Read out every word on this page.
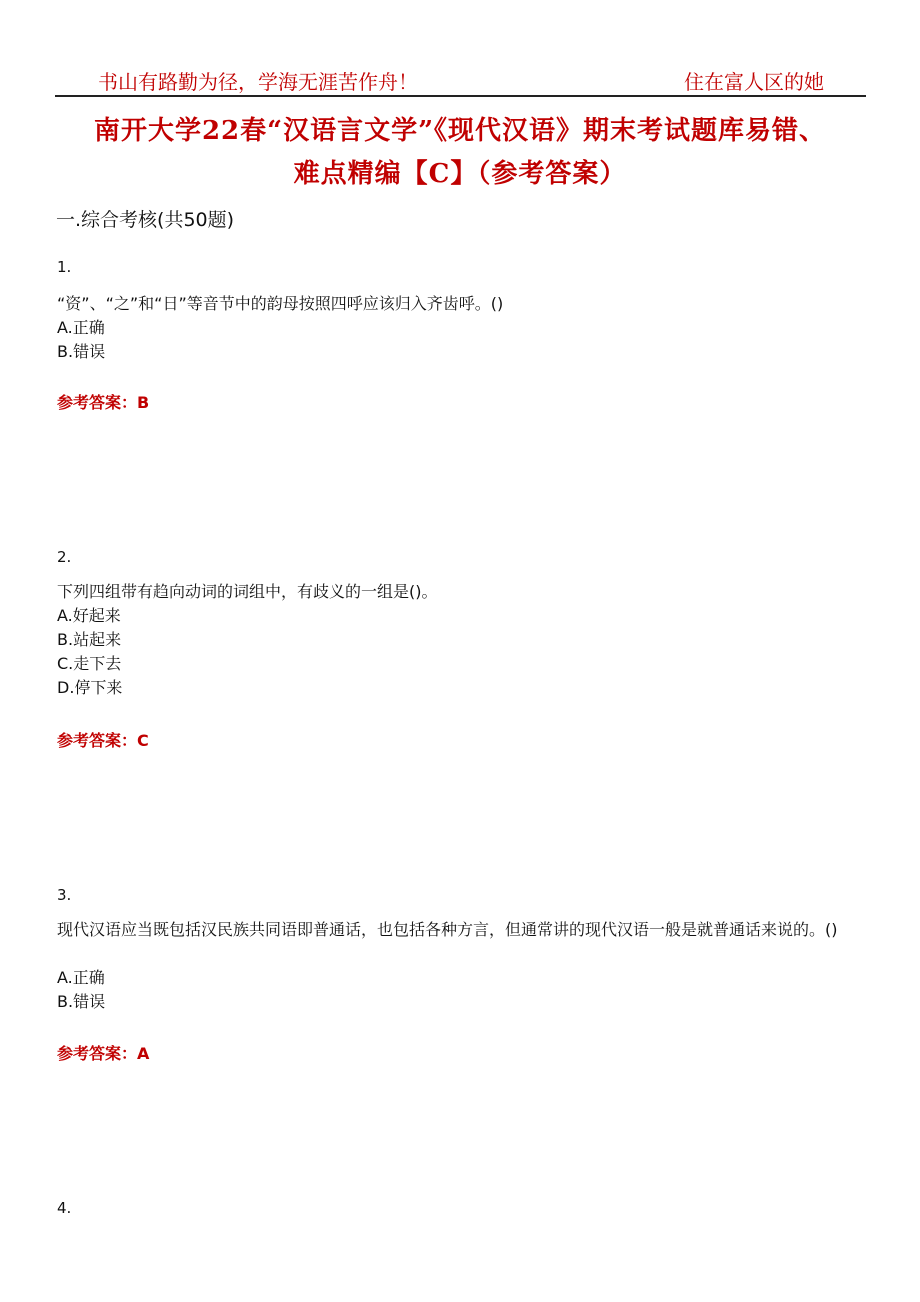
书山有路勤为径，学海无涯苦作舟！	住在富人区的她
南开大学22春“汉语言文学”《现代汉语》期末考试题库易错、
难点精编【C】（参考答案）
一.综合考核(共50题)
1.
“资”、“之”和“日”等音节中的韵母按照四呼应该归入齐齿呼。()
A.正确
B.错误
参考答案：B
2.
下列四组带有趋向动词的词组中，有歧义的一组是()。
A.好起来
B.站起来
C.走下去
D.停下来
参考答案：C
3.
现代汉语应当既包括汉民族共同语即普通话，也包括各种方言，但通常讲的现代汉语一般是就普通话来说的。()
A.正确
B.错误
参考答案：A
4.
